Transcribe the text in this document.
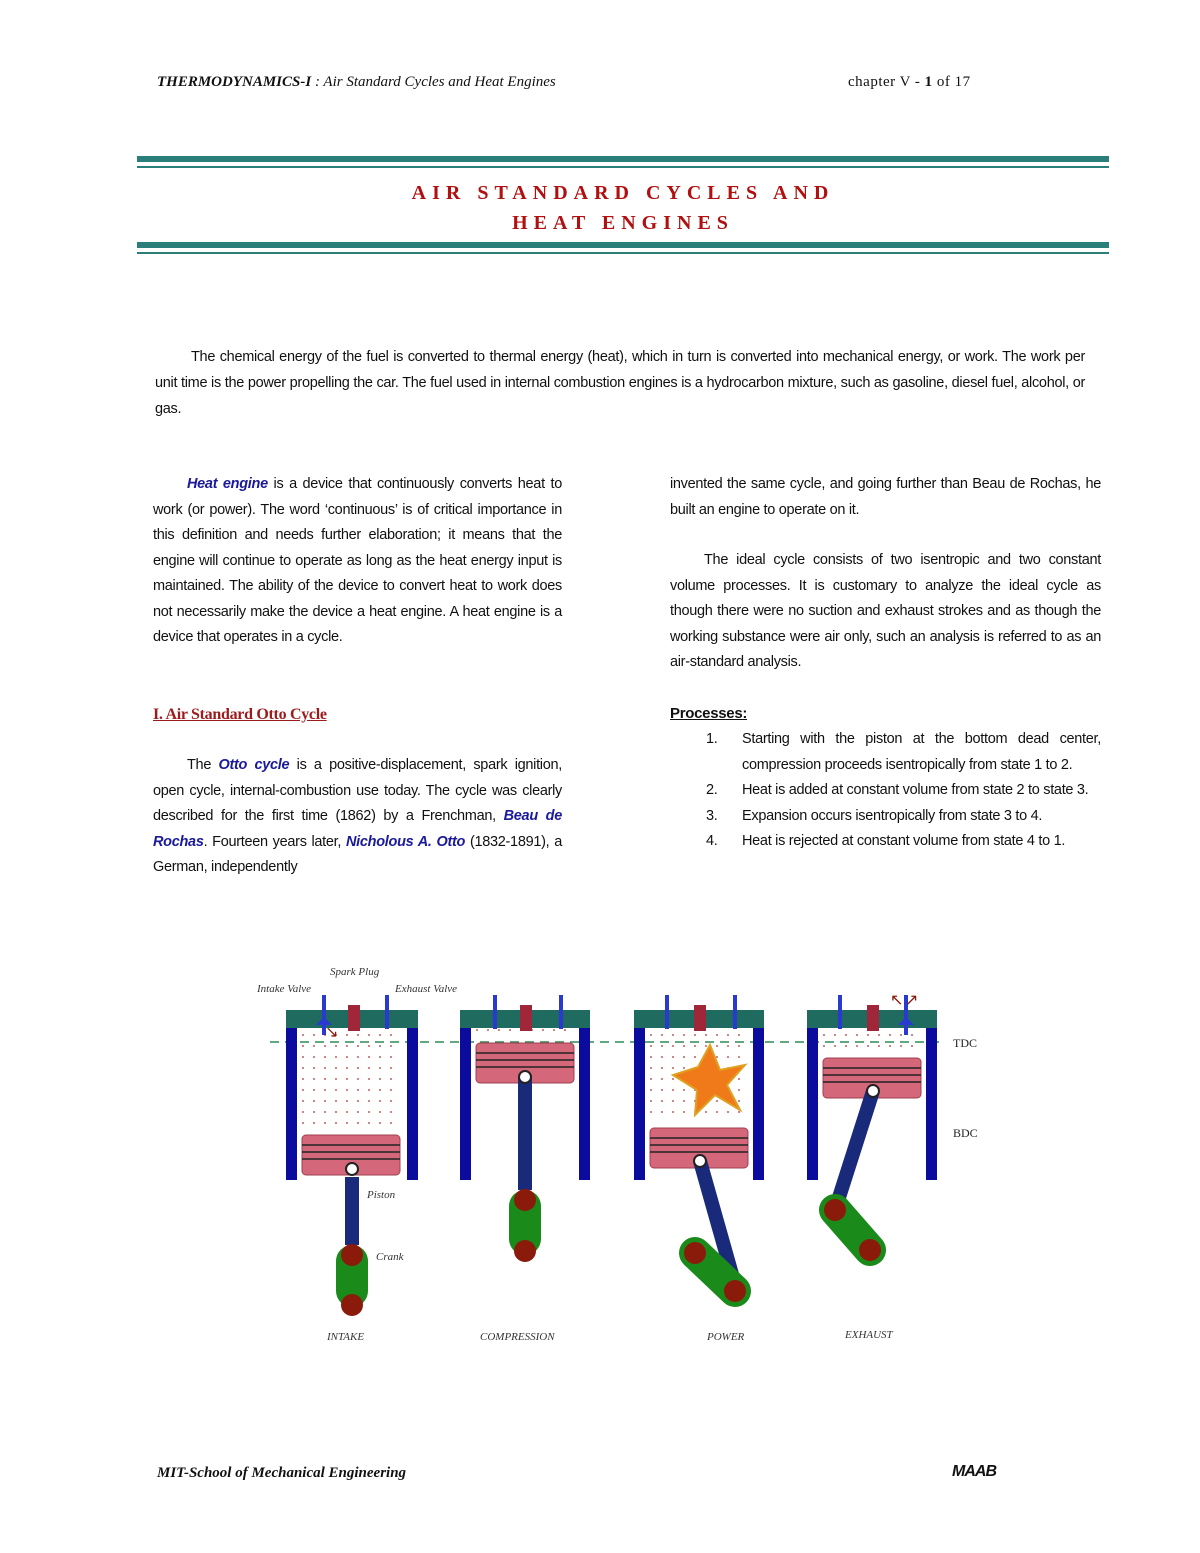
THERMODYNAMICS-I : Air Standard Cycles and Heat Engines	chapter V - 1 of 17
AIR STANDARD CYCLES AND
HEAT ENGINES

The chemical energy of the fuel is converted to thermal energy (heat), which in turn is converted into mechanical energy, or work. The work per unit time is the power propelling the car. The fuel used in internal combustion engines is a hydrocarbon mixture, such as gasoline, diesel fuel, alcohol, or gas.

Heat engine is a device that continuously converts heat to work (or power). The word ‘continuous’ is of critical importance in this definition and needs further elaboration; it means that the engine will continue to operate as long as the heat energy input is maintained. The ability of the device to convert heat to work does not necessarily make the device a heat engine. A heat engine is a device that operates in a cycle.

I. Air Standard Otto Cycle

The Otto cycle is a positive-displacement, spark ignition, open cycle, internal-combustion use today. The cycle was clearly described for the first time (1862) by a Frenchman, Beau de Rochas. Fourteen years later, Nicholous A. Otto (1832-1891), a German, independently

invented the same cycle, and going further than Beau de Rochas, he built an engine to operate on it.

The ideal cycle consists of two isentropic and two constant volume processes. It is customary to analyze the ideal cycle as though there were no suction and exhaust strokes and as though the working substance were air only, such an analysis is referred to as an air-standard analysis.

Processes:

1.	Starting with the piston at the bottom dead center, compression proceeds isentropically from state 1 to 2.
2.	Heat is added at constant volume from state 2 to state 3.
3.	Expansion occurs isentropically from state 3 to 4.
4.	Heat is rejected at constant volume from state 4 to 1.
TDC
BDC
↘
Intake Valve
Spark Plug
Exhaust Valve
Piston
Crank
INTAKE	COMPRESSION	POWER
↖ ↗
EXHAUST
MIT-School of Mechanical Engineering	MAAB
